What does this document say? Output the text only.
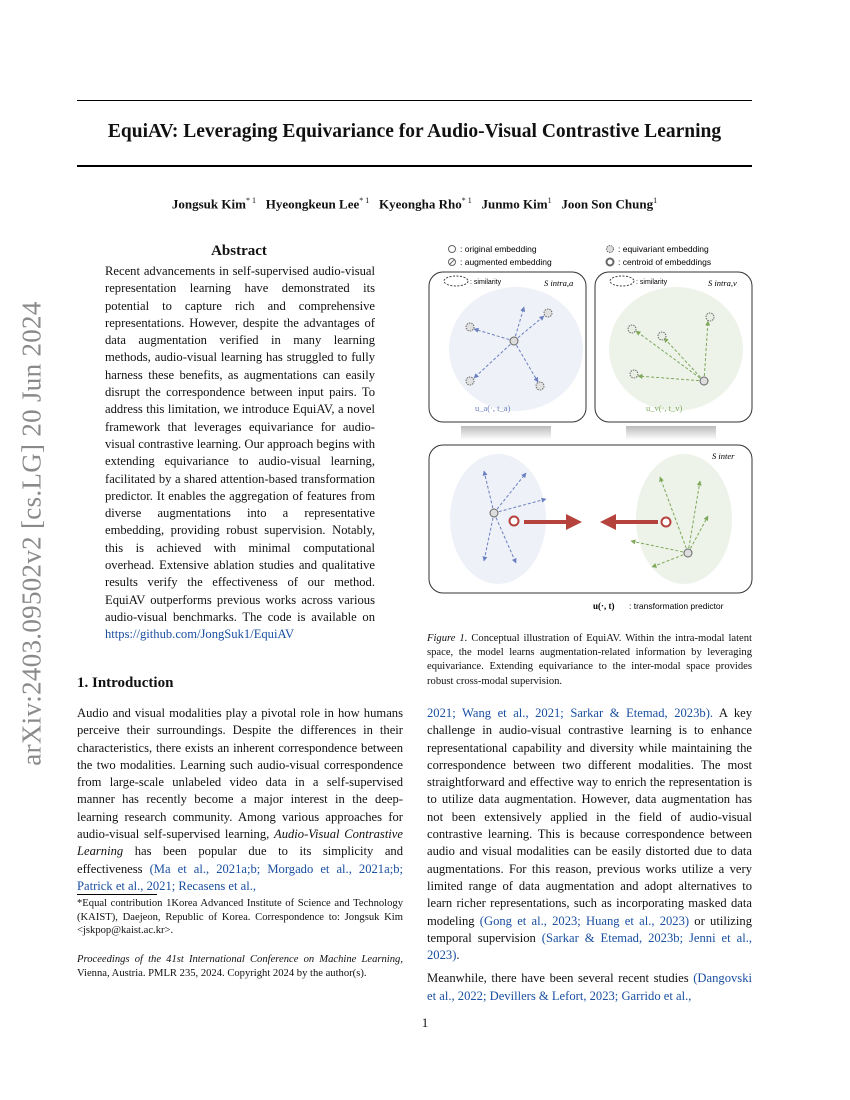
EquiAV: Leveraging Equivariance for Audio-Visual Contrastive Learning
Jongsuk Kim$^{* 1}$ Hyeongkeun Lee$^{* 1}$ Kyeongha Rho$^{* 1}$ Junmo Kim$^1$ Joon Son Chung$^1$
arXiv:2403.09502v2 [cs.LG] 20 Jun 2024
Abstract
Recent advancements in self-supervised audio-visual representation learning have demonstrated its potential to capture rich and comprehensive representations. However, despite the advantages of data augmentation verified in many learning methods, audio-visual learning has struggled to fully harness these benefits, as augmentations can easily disrupt the correspondence between input pairs. To address this limitation, we introduce EquiAV, a novel framework that leverages equivariance for audio-visual contrastive learning. Our approach begins with extending equivariance to audio-visual learning, facilitated by a shared attention-based transformation predictor. It enables the aggregation of features from diverse augmentations into a representative embedding, providing robust supervision. Notably, this is achieved with minimal computational overhead. Extensive ablation studies and qualitative results verify the effectiveness of our method. EquiAV outperforms previous works across various audio-visual benchmarks. The code is available on https://github.com/JongSuk1/EquiAV
1. Introduction
Audio and visual modalities play a pivotal role in how humans perceive their surroundings. Despite the differences in their characteristics, there exists an inherent correspondence between the two modalities. Learning such audio-visual correspondence from large-scale unlabeled video data in a self-supervised manner has recently become a major interest in the deep-learning research community. Among various approaches for audio-visual self-supervised learning, Audio-Visual Contrastive Learning has been popular due to its simplicity and effectiveness (Ma et al., 2021a;b; Morgado et al., 2021a;b; Patrick et al., 2021; Recasens et al.,
*Equal contribution 1Korea Advanced Institute of Science and Technology (KAIST), Daejeon, Republic of Korea. Correspondence to: Jongsuk Kim <jskpop@kaist.ac.kr>.
Proceedings of the 41st International Conference on Machine Learning, Vienna, Austria. PMLR 235, 2024. Copyright 2024 by the author(s).
: original embedding
: augmented embedding
: equivariant embedding
: centroid of embeddings
: similarity	S intra,a
u_a(·, t_a)
: similarity	S intra,v
u_v(·, t_v)
S inter
u(·, t) : transformation predictor
Figure 1. Conceptual illustration of EquiAV. Within the intra-modal latent space, the model learns augmentation-related information by leveraging equivariance. Extending equivariance to the inter-modal space provides robust cross-modal supervision.
2021; Wang et al., 2021; Sarkar & Etemad, 2023b). A key challenge in audio-visual contrastive learning is to enhance representational capability and diversity while maintaining the correspondence between two different modalities. The most straightforward and effective way to enrich the representation is to utilize data augmentation. However, data augmentation has not been extensively applied in the field of audio-visual contrastive learning. This is because correspondence between audio and visual modalities can be easily distorted due to data augmentations. For this reason, previous works utilize a very limited range of data augmentation and adopt alternatives to learn richer representations, such as incorporating masked data modeling (Gong et al., 2023; Huang et al., 2023) or utilizing temporal supervision (Sarkar & Etemad, 2023b; Jenni et al., 2023).
Meanwhile, there have been several recent studies (Dangovski et al., 2022; Devillers & Lefort, 2023; Garrido et al.,
1
